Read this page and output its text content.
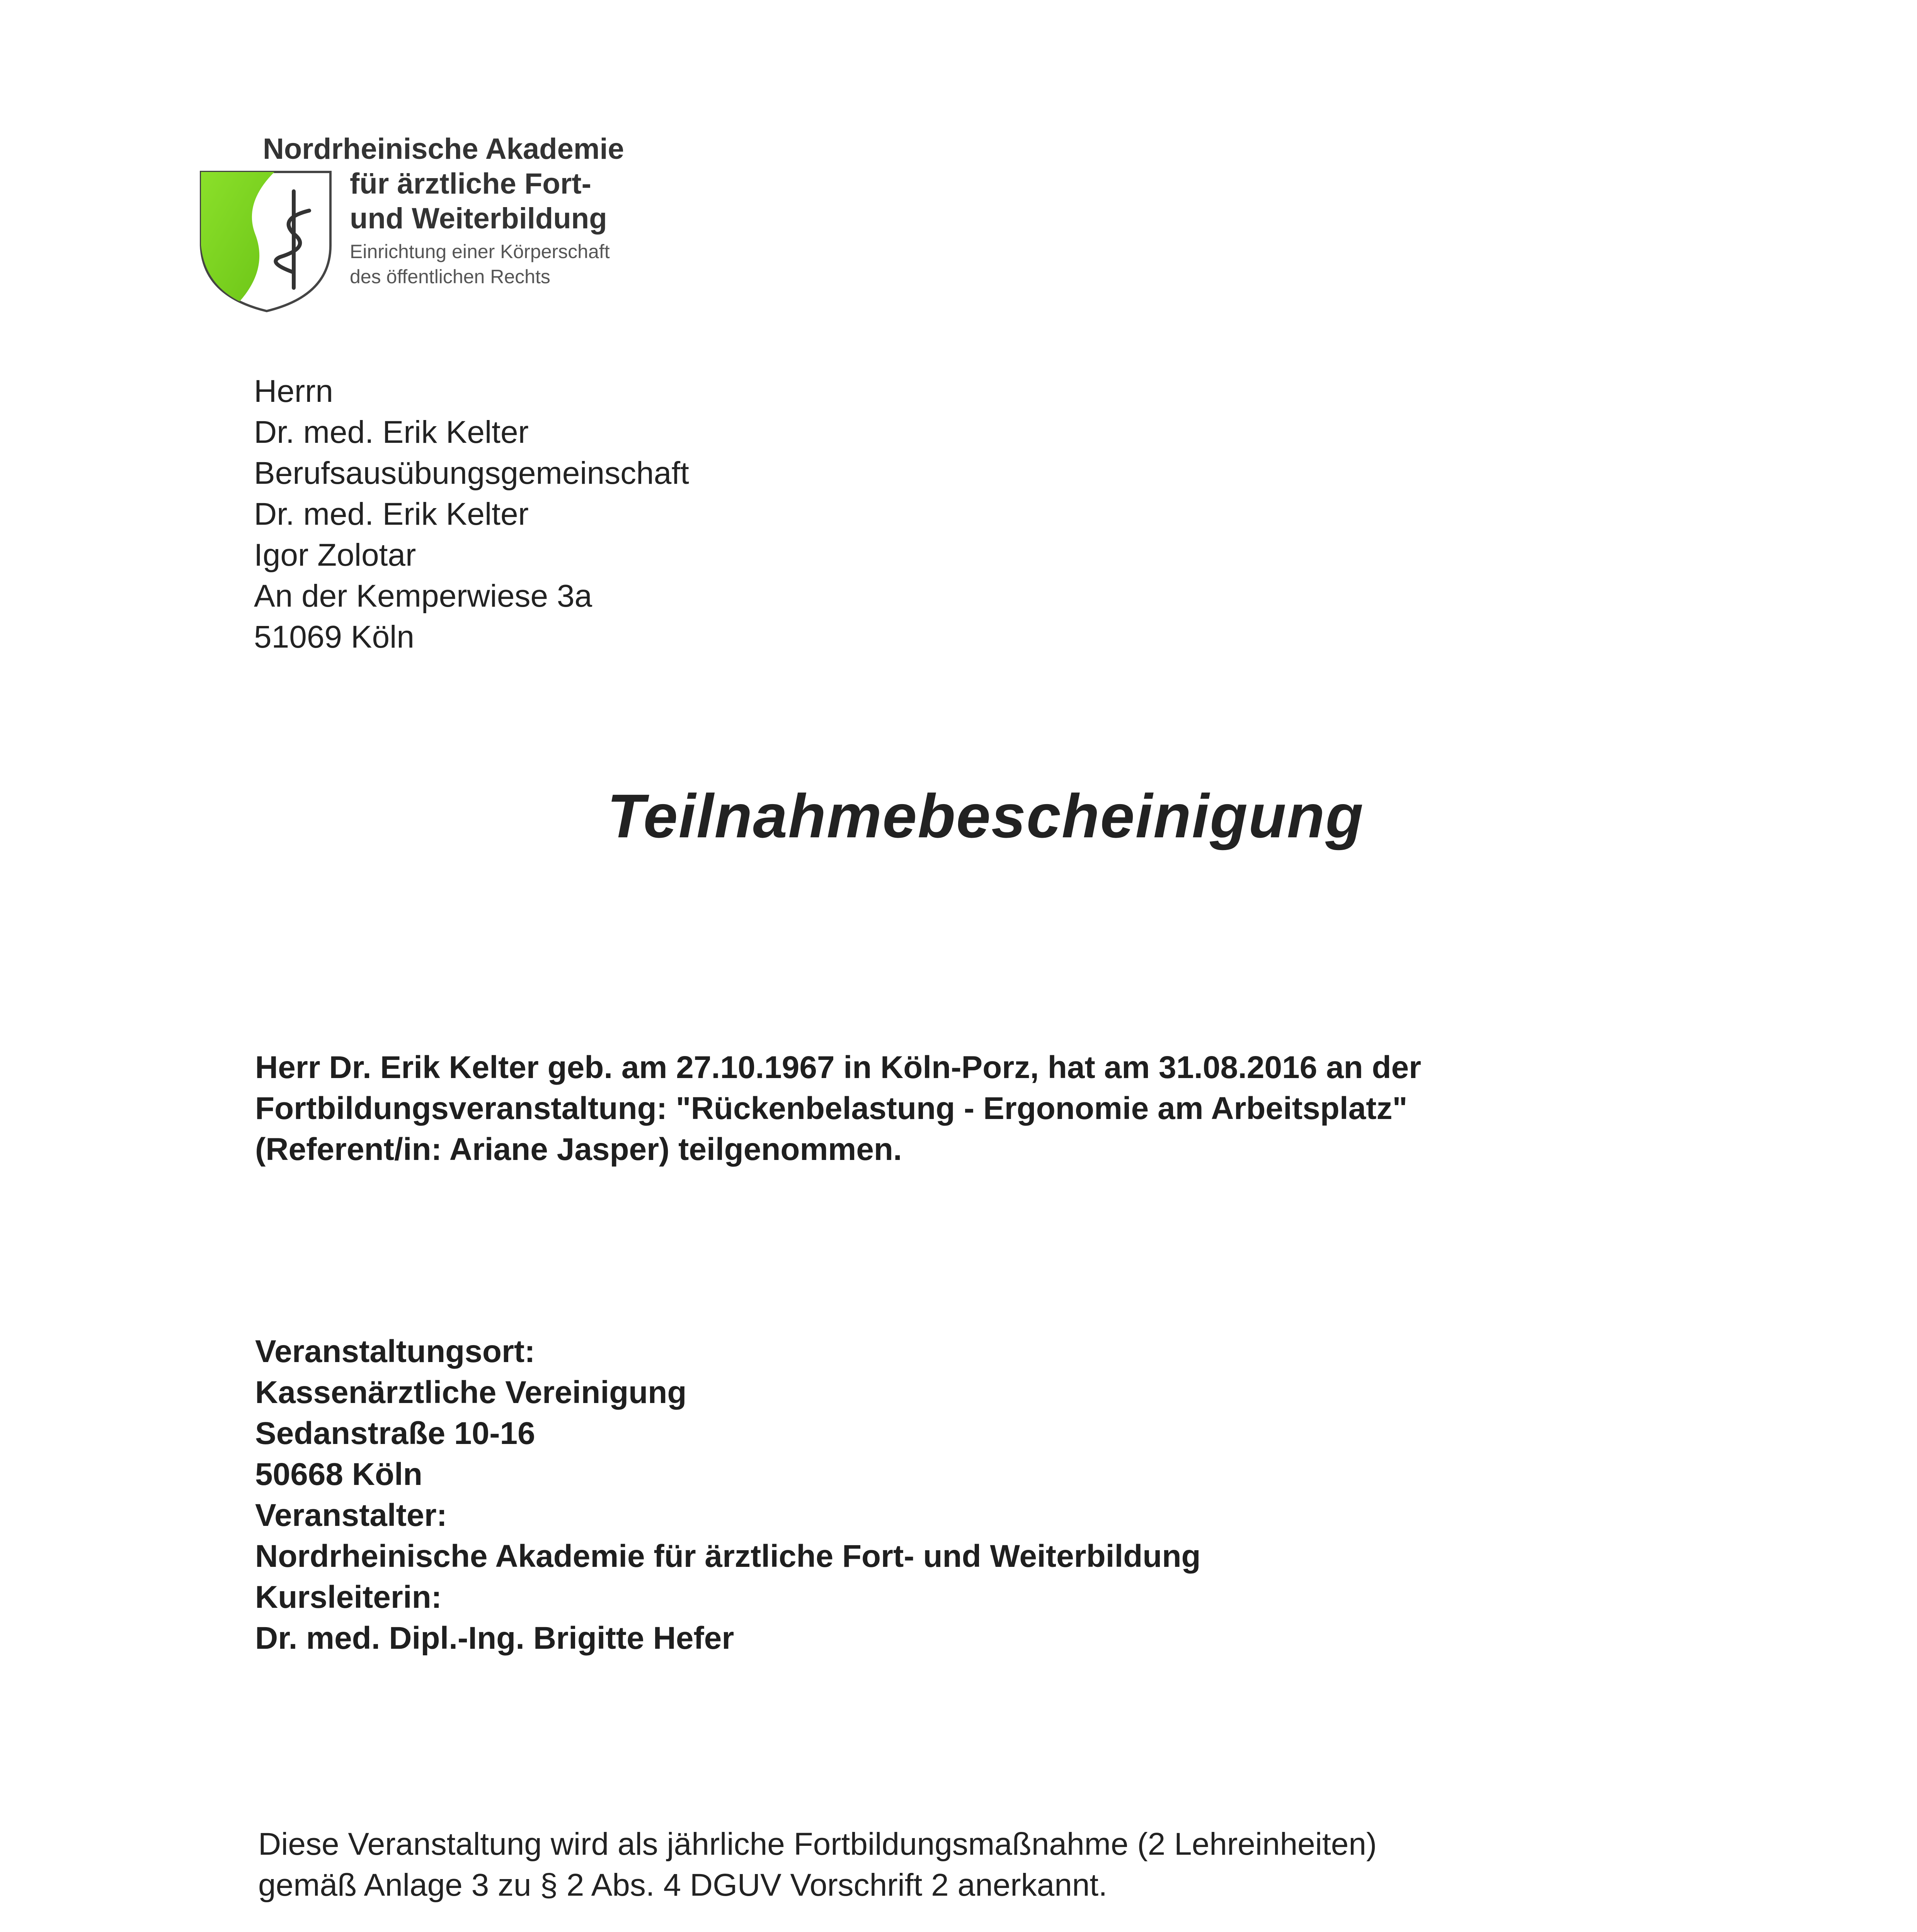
Nordrheinische Akademie
für ärztliche Fort-
und Weiterbildung
Einrichtung einer Körperschaft
des öffentlichen Rechts
Herrn
Dr. med. Erik Kelter
Berufsausübungsgemeinschaft
Dr. med. Erik Kelter
Igor Zolotar
An der Kemperwiese 3a
51069 Köln
Teilnahmebescheinigung
Herr Dr. Erik Kelter geb. am 27.10.1967 in Köln-Porz, hat am 31.08.2016 an der
Fortbildungsveranstaltung: "Rückenbelastung - Ergonomie am Arbeitsplatz"
(Referent/in: Ariane Jasper) teilgenommen.
Veranstaltungsort:
Kassenärztliche Vereinigung
Sedanstraße 10-16
50668 Köln
Veranstalter:
Nordrheinische Akademie für ärztliche Fort- und Weiterbildung
Kursleiterin:
Dr. med. Dipl.-Ing. Brigitte Hefer
Diese Veranstaltung wird als jährliche Fortbildungsmaßnahme (2 Lehreinheiten)
gemäß Anlage 3 zu § 2 Abs. 4 DGUV Vorschrift 2 anerkannt.
